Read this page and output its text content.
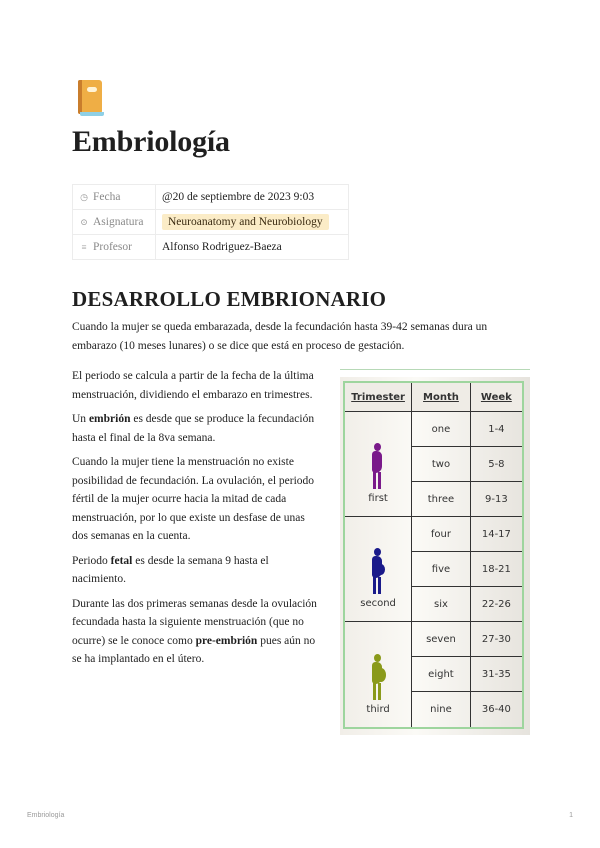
Embriología
◷ Fecha	@20 de septiembre de 2023 9:03
⊙ Asignatura	Neuroanatomy and Neurobiology
≡ Profesor	Alfonso Rodriguez-Baeza
DESARROLLO EMBRIONARIO

Cuando la mujer se queda embarazada, desde la fecundación hasta 39-42 semanas dura un embarazo (10 meses lunares) o se dice que está en proceso de gestación.

El periodo se calcula a partir de la fecha de la última menstruación, dividiendo el embarazo en trimestres.

Un embrión es desde que se produce la fecundación hasta el final de la 8va semana.

Cuando la mujer tiene la menstruación no existe posibilidad de fecundación. La ovulación, el periodo fértil de la mujer ocurre hacia la mitad de cada menstruación, por lo que existe un desfase de unas dos semanas en la cuenta.

Periodo fetal es desde la semana 9 hasta el nacimiento.

Durante las dos primeras semanas desde la ovulación fecundada hasta la siguiente menstruación (que no ocurre) se le conoce como pre-embrión pues aún no se ha implantado en el útero.

Trimester	Month	Week

first	one	1-4
	two	5-8
	three	9-13

second	four	14-17
	five	18-21
	six	22-26

third	seven	27-30
	eight	31-35
	nine	36-40
Embriología	1
